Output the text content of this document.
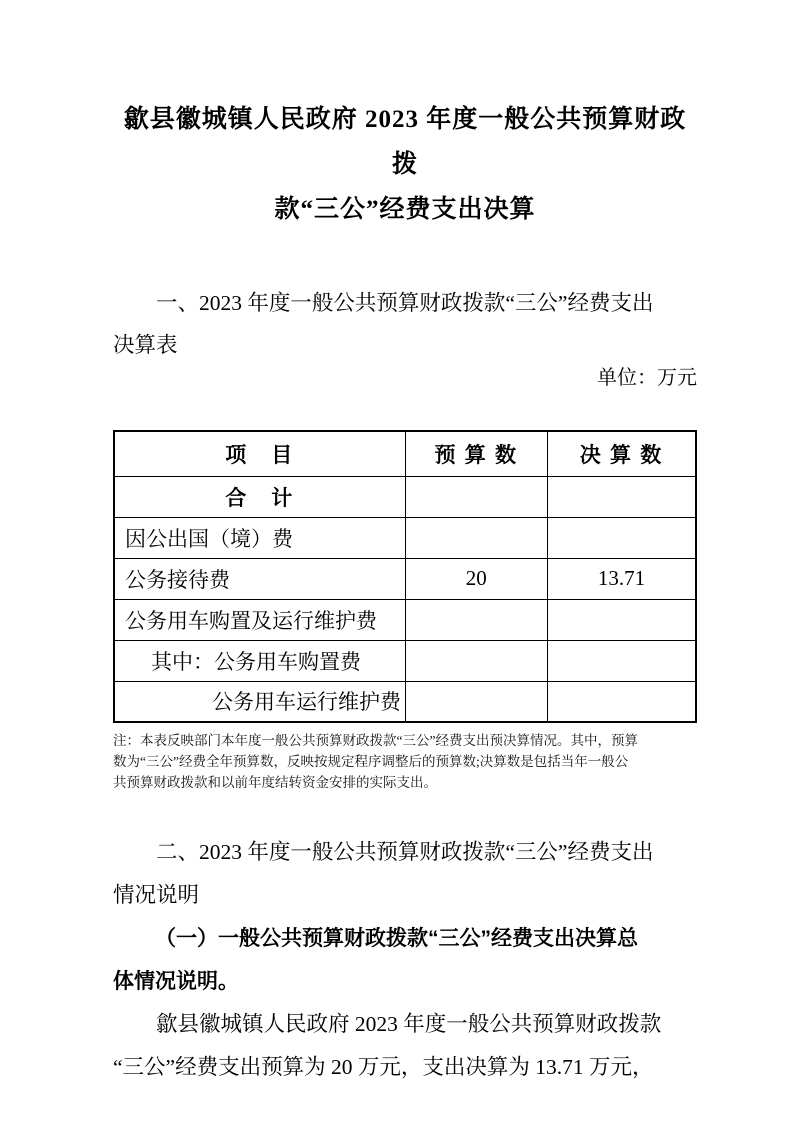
歙县徽城镇人民政府 2023 年度一般公共预算财政拨
款“三公”经费支出决算
一、2023 年度一般公共预算财政拨款“三公”经费支出
决算表
单位：万元
项　目	预 算 数	决 算 数
合　计		
因公出国（境）费		
公务接待费	20	13.71
公务用车购置及运行维护费		
其中：公务用车购置费		
公务用车运行维护费		
注：本表反映部门本年度一般公共预算财政拨款“三公”经费支出预决算情况。其中，预算
数为“三公”经费全年预算数，反映按规定程序调整后的预算数;决算数是包括当年一般公
共预算财政拨款和以前年度结转资金安排的实际支出。
二、2023 年度一般公共预算财政拨款“三公”经费支出
情况说明
（一）一般公共预算财政拨款“三公”经费支出决算总
体情况说明。
歙县徽城镇人民政府 2023 年度一般公共预算财政拨款
“三公”经费支出预算为 20 万元，支出决算为 13.71 万元，
